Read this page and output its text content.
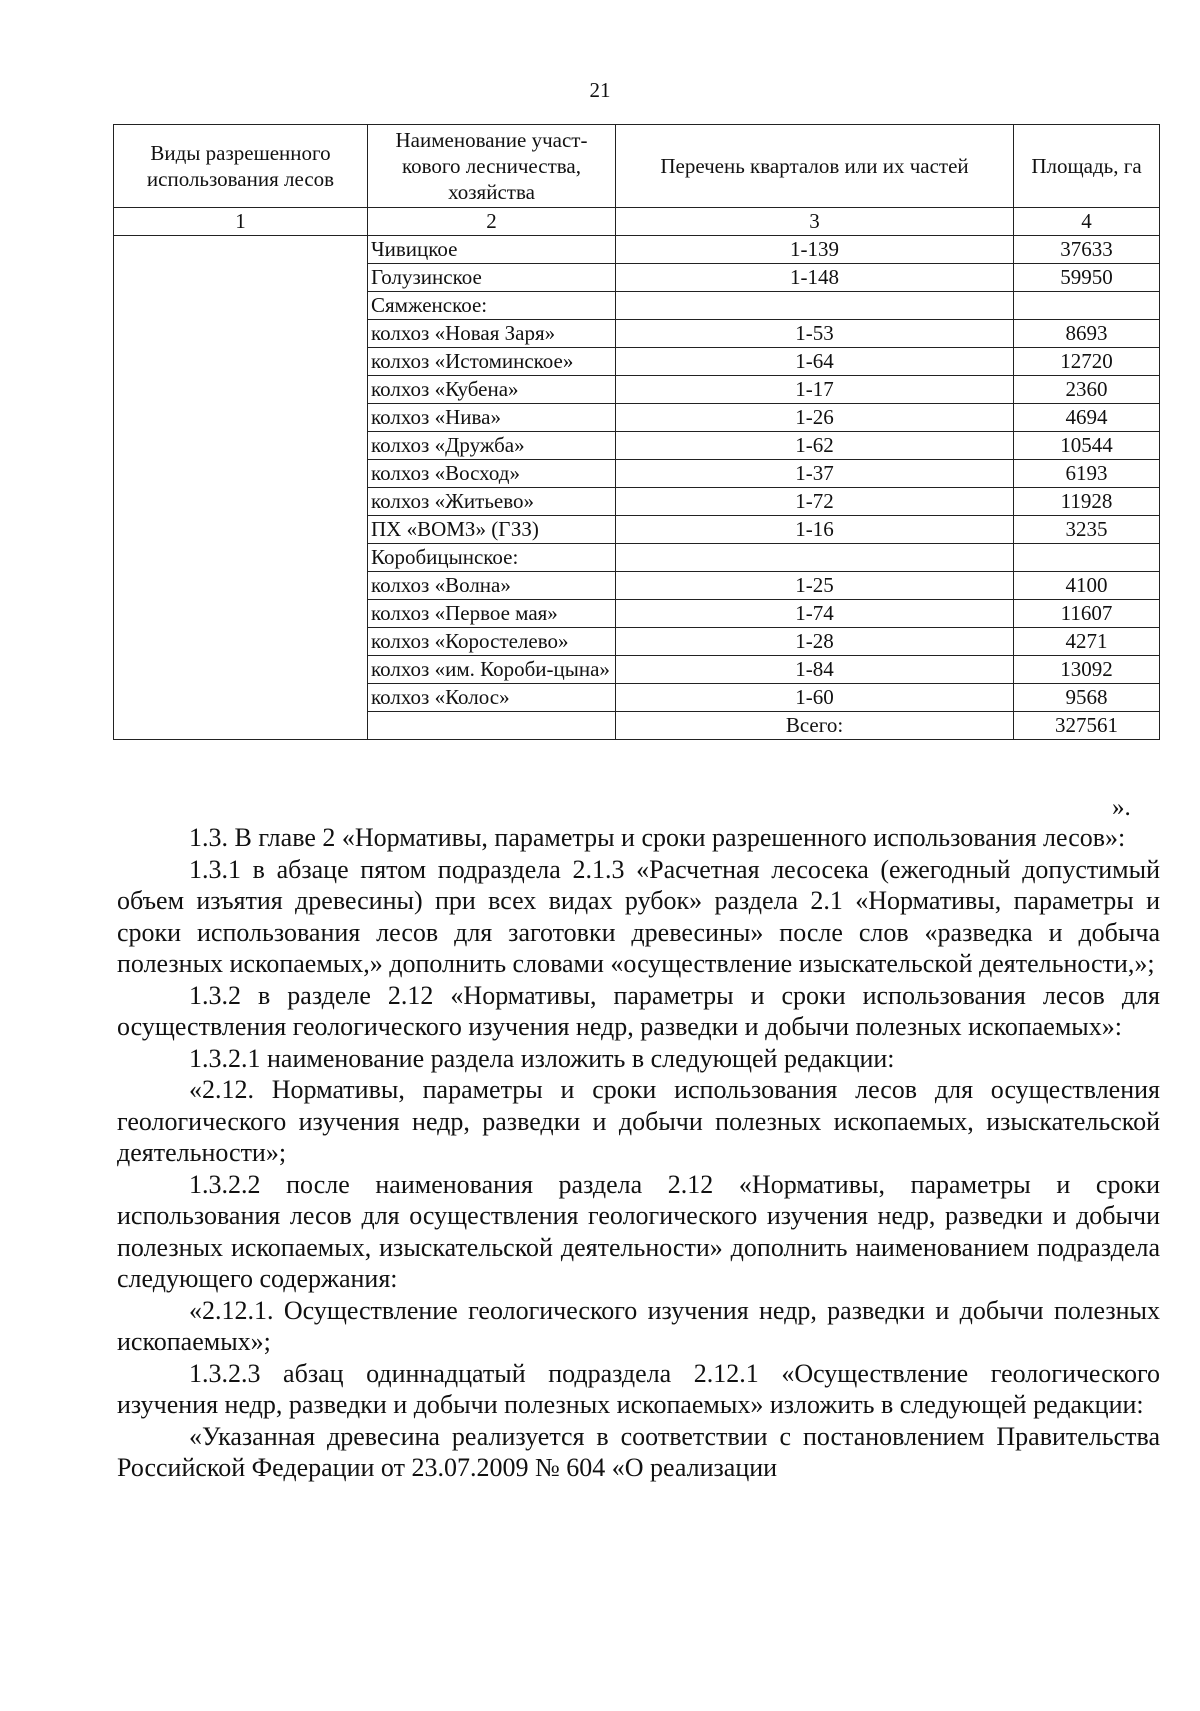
21
Виды разрешенного использования лесов	Наименование участ-кового лесничества, хозяйства	Перечень кварталов или их частей	Площадь, га
1	2	3	4
	Чивицкое	1-139	37633
	Голузинское	1-148	59950
	Сямженское:		
	колхоз «Новая Заря»	1-53	8693
	колхоз «Истоминское»	1-64	12720
	колхоз «Кубена»	1-17	2360
	колхоз «Нива»	1-26	4694
	колхоз «Дружба»	1-62	10544
	колхоз «Восход»	1-37	6193
	колхоз «Житьево»	1-72	11928
	ПХ «ВОМЗ» (ГЗЗ)	1-16	3235
	Коробицынское:		
	колхоз «Волна»	1-25	4100
	колхоз «Первое мая»	1-74	11607
	колхоз «Коростелево»	1-28	4271
	колхоз «им. Короби-цына»	1-84	13092
	колхоз «Колос»	1-60	9568
		Всего:	327561
».

1.3. В главе 2 «Нормативы, параметры и сроки разрешенного использования лесов»:

1.3.1 в абзаце пятом подраздела 2.1.3 «Расчетная лесосека (ежегодный допустимый объем изъятия древесины) при всех видах рубок» раздела 2.1 «Нормативы, параметры и сроки использования лесов для заготовки древесины» после слов «разведка и добыча полезных ископаемых,» дополнить словами «осуществление изыскательской деятельности,»;

1.3.2 в разделе 2.12 «Нормативы, параметры и сроки использования лесов для осуществления геологического изучения недр, разведки и добычи полезных ископаемых»:

1.3.2.1 наименование раздела изложить в следующей редакции:

«2.12. Нормативы, параметры и сроки использования лесов для осуществления геологического изучения недр, разведки и добычи полезных ископаемых, изыскательской деятельности»;

1.3.2.2 после наименования раздела 2.12 «Нормативы, параметры и сроки использования лесов для осуществления геологического изучения недр, разведки и добычи полезных ископаемых, изыскательской деятельности» дополнить наименованием подраздела следующего содержания:

«2.12.1. Осуществление геологического изучения недр, разведки и добычи полезных ископаемых»;

1.3.2.3 абзац одиннадцатый подраздела 2.12.1 «Осуществление геологического изучения недр, разведки и добычи полезных ископаемых» изложить в следующей редакции:

«Указанная древесина реализуется в соответствии с постановлением Правительства Российской Федерации от 23.07.2009 № 604 «О реализации
